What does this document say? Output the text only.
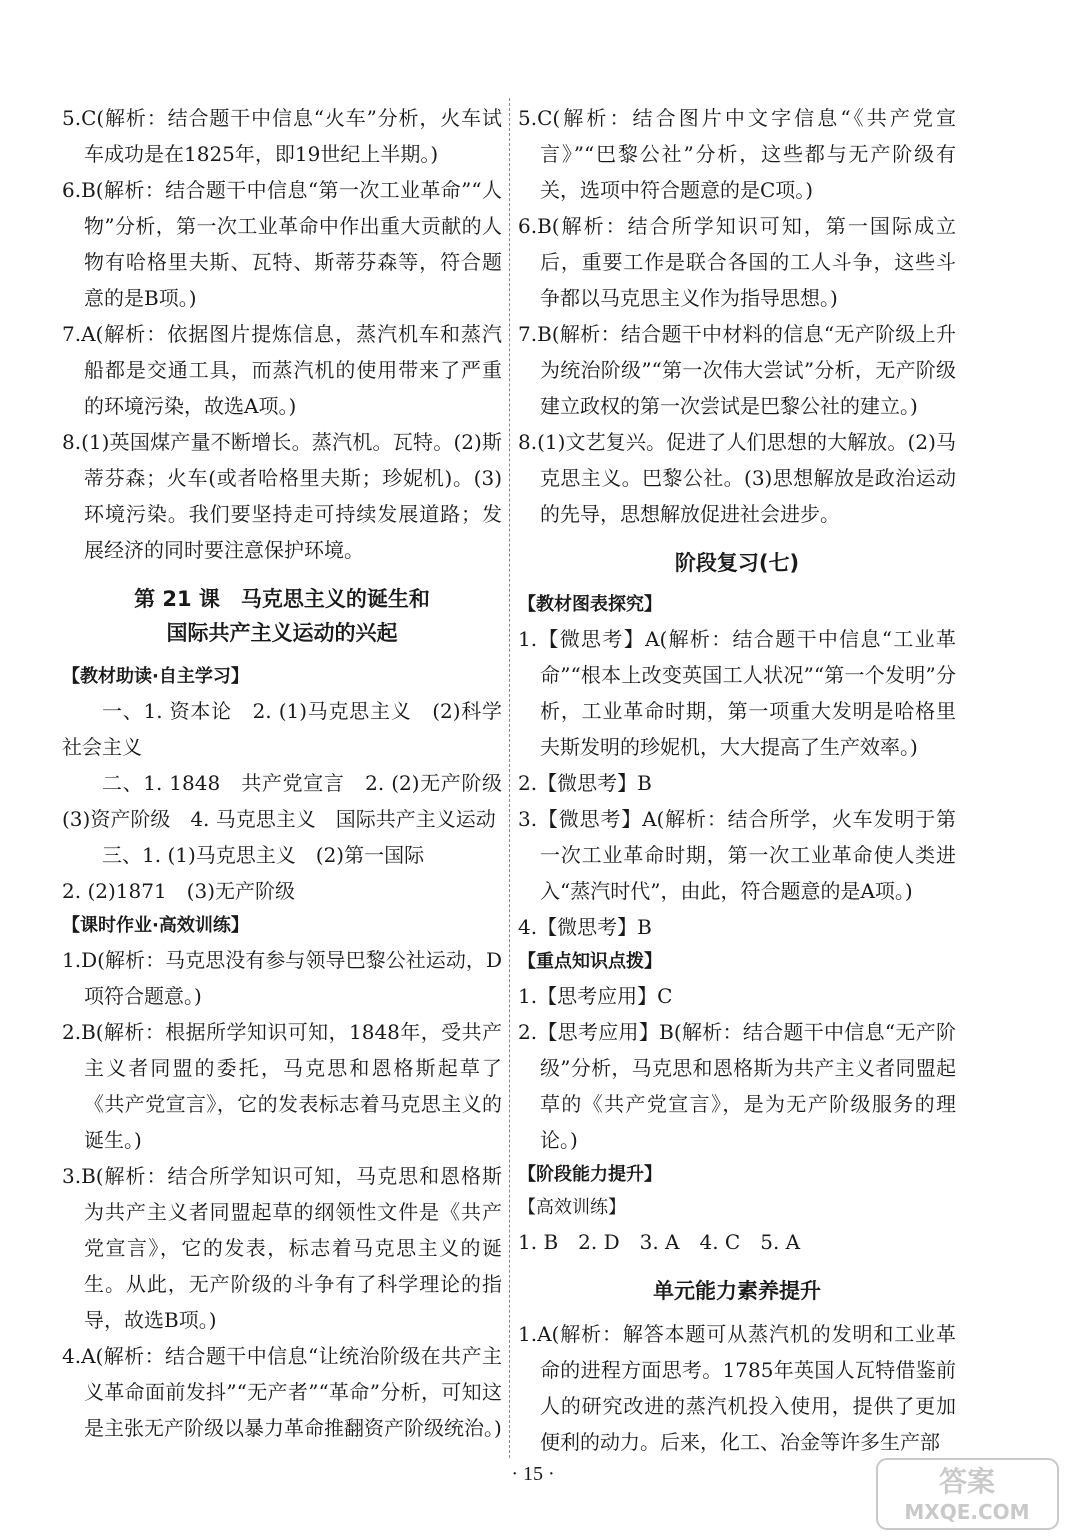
5.C(解析：结合题干中信息“火车”分析，火车试车成功是在1825年，即19世纪上半期。)

6.B(解析：结合题干中信息“第一次工业革命”“人物”分析，第一次工业革命中作出重大贡献的人物有哈格里夫斯、瓦特、斯蒂芬森等，符合题意的是B项。)

7.A(解析：依据图片提炼信息，蒸汽机车和蒸汽船都是交通工具，而蒸汽机的使用带来了严重的环境污染，故选A项。)

8.(1)英国煤产量不断增长。蒸汽机。瓦特。(2)斯蒂芬森；火车(或者哈格里夫斯；珍妮机)。(3)环境污染。我们要坚持走可持续发展道路；发展经济的同时要注意保护环境。

第 21 课　马克思主义的诞生和
国际共产主义运动的兴起

【教材助读·自主学习】

一、1. 资本论　2. (1)马克思主义　(2)科学社会主义

二、1. 1848　共产党宣言　2. (2)无产阶级(3)资产阶级　4. 马克思主义　国际共产主义运动

三、1. (1)马克思主义　(2)第一国际

2. (2)1871　(3)无产阶级

【课时作业·高效训练】

1.D(解析：马克思没有参与领导巴黎公社运动，D项符合题意。)

2.B(解析：根据所学知识可知，1848年，受共产主义者同盟的委托，马克思和恩格斯起草了《共产党宣言》，它的发表标志着马克思主义的诞生。)

3.B(解析：结合所学知识可知，马克思和恩格斯为共产主义者同盟起草的纲领性文件是《共产党宣言》，它的发表，标志着马克思主义的诞生。从此，无产阶级的斗争有了科学理论的指导，故选B项。)

4.A(解析：结合题干中信息“让统治阶级在共产主义革命面前发抖”“无产者”“革命”分析，可知这是主张无产阶级以暴力革命推翻资产阶级统治。)

5.C(解析：结合图片中文字信息“《共产党宣言》”“巴黎公社”分析，这些都与无产阶级有关，选项中符合题意的是C项。)

6.B(解析：结合所学知识可知，第一国际成立后，重要工作是联合各国的工人斗争，这些斗争都以马克思主义作为指导思想。)

7.B(解析：结合题干中材料的信息“无产阶级上升为统治阶级”“第一次伟大尝试”分析，无产阶级建立政权的第一次尝试是巴黎公社的建立。)

8.(1)文艺复兴。促进了人们思想的大解放。(2)马克思主义。巴黎公社。(3)思想解放是政治运动的先导，思想解放促进社会进步。

阶段复习(七)

【教材图表探究】

1.【微思考】A(解析：结合题干中信息“工业革命”“根本上改变英国工人状况”“第一个发明”分析，工业革命时期，第一项重大发明是哈格里夫斯发明的珍妮机，大大提高了生产效率。)

2.【微思考】B

3.【微思考】A(解析：结合所学，火车发明于第一次工业革命时期，第一次工业革命使人类进入“蒸汽时代”，由此，符合题意的是A项。)

4.【微思考】B

【重点知识点拨】

1.【思考应用】C

2.【思考应用】B(解析：结合题干中信息“无产阶级”分析，马克思和恩格斯为共产主义者同盟起草的《共产党宣言》，是为无产阶级服务的理论。)

【阶段能力提升】

【高效训练】

1. B　2. D　3. A　4. C　5. A

单元能力素养提升

1.A(解析：解答本题可从蒸汽机的发明和工业革命的进程方面思考。1785年英国人瓦特借鉴前人的研究改进的蒸汽机投入使用，提供了更加便利的动力。后来，化工、冶金等许多生产部

· 15 ·	答案
MXQE.COM
